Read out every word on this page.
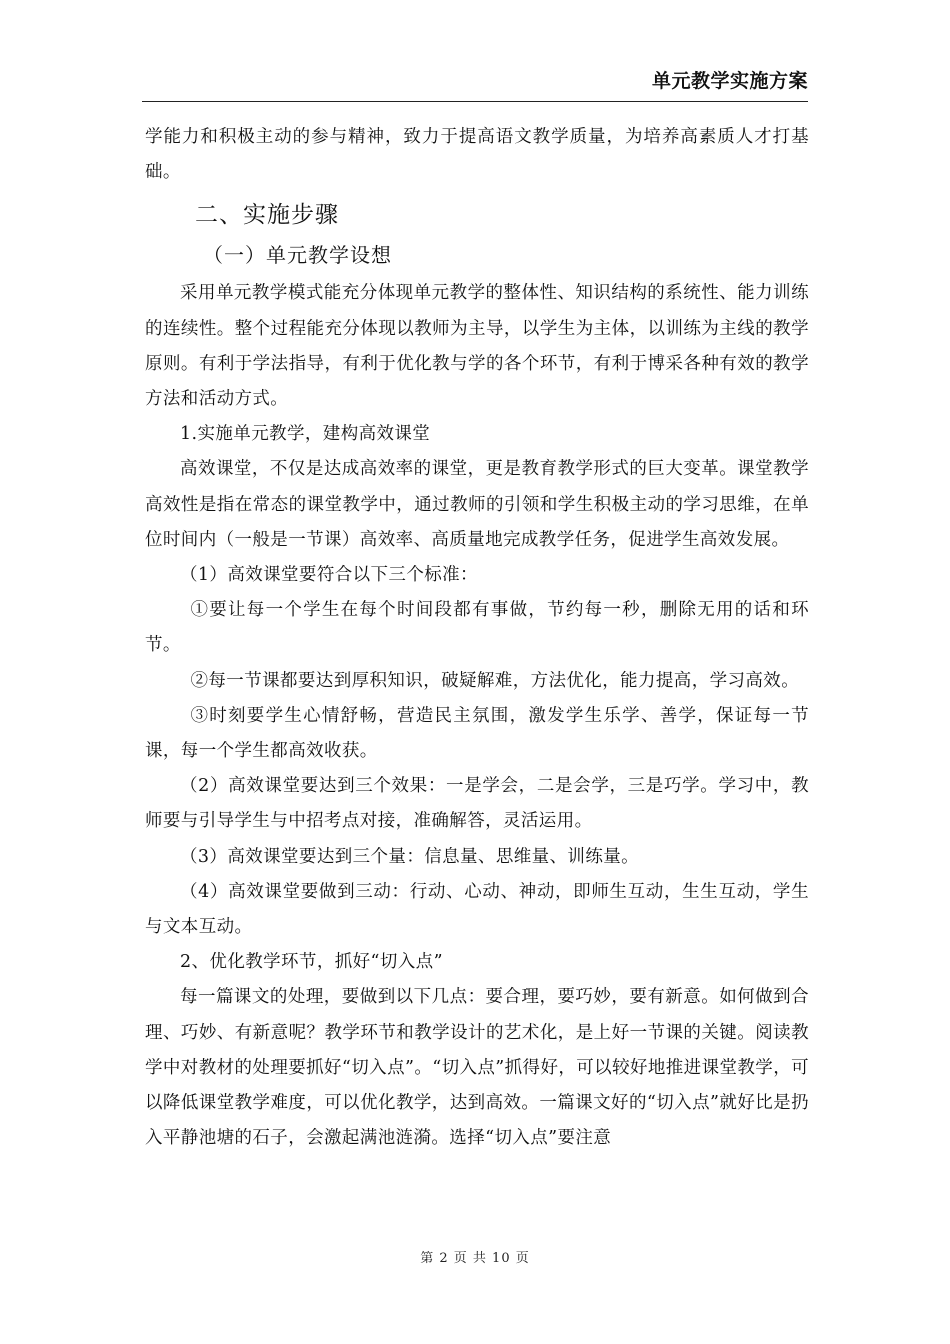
单元教学实施方案

学能力和积极主动的参与精神，致力于提高语文教学质量，为培养高素质人才打基础。

二、实施步骤
（一）单元教学设想

采用单元教学模式能充分体现单元教学的整体性、知识结构的系统性、能力训练的连续性。整个过程能充分体现以教师为主导，以学生为主体，以训练为主线的教学原则。有利于学法指导，有利于优化教与学的各个环节，有利于博采各种有效的教学方法和活动方式。

1.实施单元教学，建构高效课堂

高效课堂，不仅是达成高效率的课堂，更是教育教学形式的巨大变革。课堂教学高效性是指在常态的课堂教学中，通过教师的引领和学生积极主动的学习思维，在单位时间内（一般是一节课）高效率、高质量地完成教学任务，促进学生高效发展。

（1）高效课堂要符合以下三个标准：

①要让每一个学生在每个时间段都有事做，节约每一秒，删除无用的话和环节。

②每一节课都要达到厚积知识，破疑解难，方法优化，能力提高，学习高效。

③时刻要学生心情舒畅，营造民主氛围，激发学生乐学、善学，保证每一节课，每一个学生都高效收获。

（2）高效课堂要达到三个效果：一是学会，二是会学，三是巧学。学习中，教师要与引导学生与中招考点对接，准确解答，灵活运用。

（3）高效课堂要达到三个量：信息量、思维量、训练量。

（4）高效课堂要做到三动：行动、心动、神动，即师生互动，生生互动，学生与文本互动。

2、优化教学环节，抓好“切入点”

每一篇课文的处理，要做到以下几点：要合理，要巧妙，要有新意。如何做到合理、巧妙、有新意呢？教学环节和教学设计的艺术化，是上好一节课的关键。阅读教学中对教材的处理要抓好“切入点”。“切入点”抓得好，可以较好地推进课堂教学，可以降低课堂教学难度，可以优化教学，达到高效。一篇课文好的“切入点”就好比是扔入平静池塘的石子，会激起满池涟漪。选择“切入点”要注意

第 2 页 共 10 页
